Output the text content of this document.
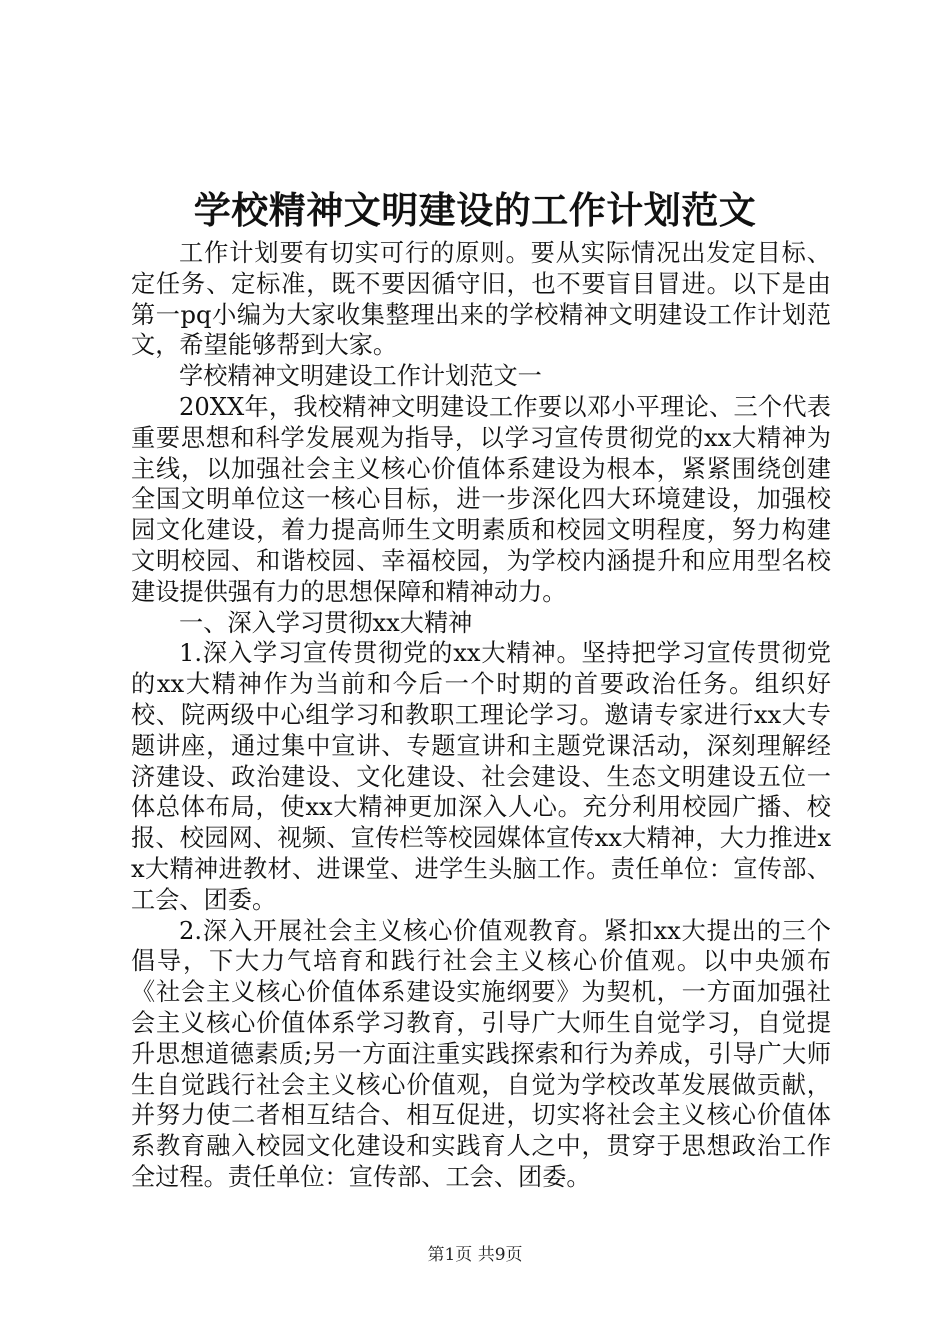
学校精神文明建设的工作计划范文

工作计划要有切实可行的原则。要从实际情况出发定目标、定任务、定标准，既不要因循守旧，也不要盲目冒进。以下是由第一pq小编为大家收集整理出来的学校精神文明建设工作计划范文，希望能够帮到大家。

学校精神文明建设工作计划范文一

20XX年，我校精神文明建设工作要以邓小平理论、三个代表重要思想和科学发展观为指导，以学习宣传贯彻党的xx大精神为主线，以加强社会主义核心价值体系建设为根本，紧紧围绕创建全国文明单位这一核心目标，进一步深化四大环境建设，加强校园文化建设，着力提高师生文明素质和校园文明程度，努力构建文明校园、和谐校园、幸福校园，为学校内涵提升和应用型名校建设提供强有力的思想保障和精神动力。

一、深入学习贯彻xx大精神

1.深入学习宣传贯彻党的xx大精神。坚持把学习宣传贯彻党的xx大精神作为当前和今后一个时期的首要政治任务。组织好校、院两级中心组学习和教职工理论学习。邀请专家进行xx大专题讲座，通过集中宣讲、专题宣讲和主题党课活动，深刻理解经济建设、政治建设、文化建设、社会建设、生态文明建设五位一体总体布局，使xx大精神更加深入人心。充分利用校园广播、校报、校园网、视频、宣传栏等校园媒体宣传xx大精神，大力推进xx大精神进教材、进课堂、进学生头脑工作。责任单位：宣传部、工会、团委。

2.深入开展社会主义核心价值观教育。紧扣xx大提出的三个倡导，下大力气培育和践行社会主义核心价值观。以中央颁布《社会主义核心价值体系建设实施纲要》为契机，一方面加强社会主义核心价值体系学习教育，引导广大师生自觉学习，自觉提升思想道德素质;另一方面注重实践探索和行为养成，引导广大师生自觉践行社会主义核心价值观，自觉为学校改革发展做贡献，并努力使二者相互结合、相互促进，切实将社会主义核心价值体系教育融入校园文化建设和实践育人之中，贯穿于思想政治工作全过程。责任单位：宣传部、工会、团委。

第1页 共9页
